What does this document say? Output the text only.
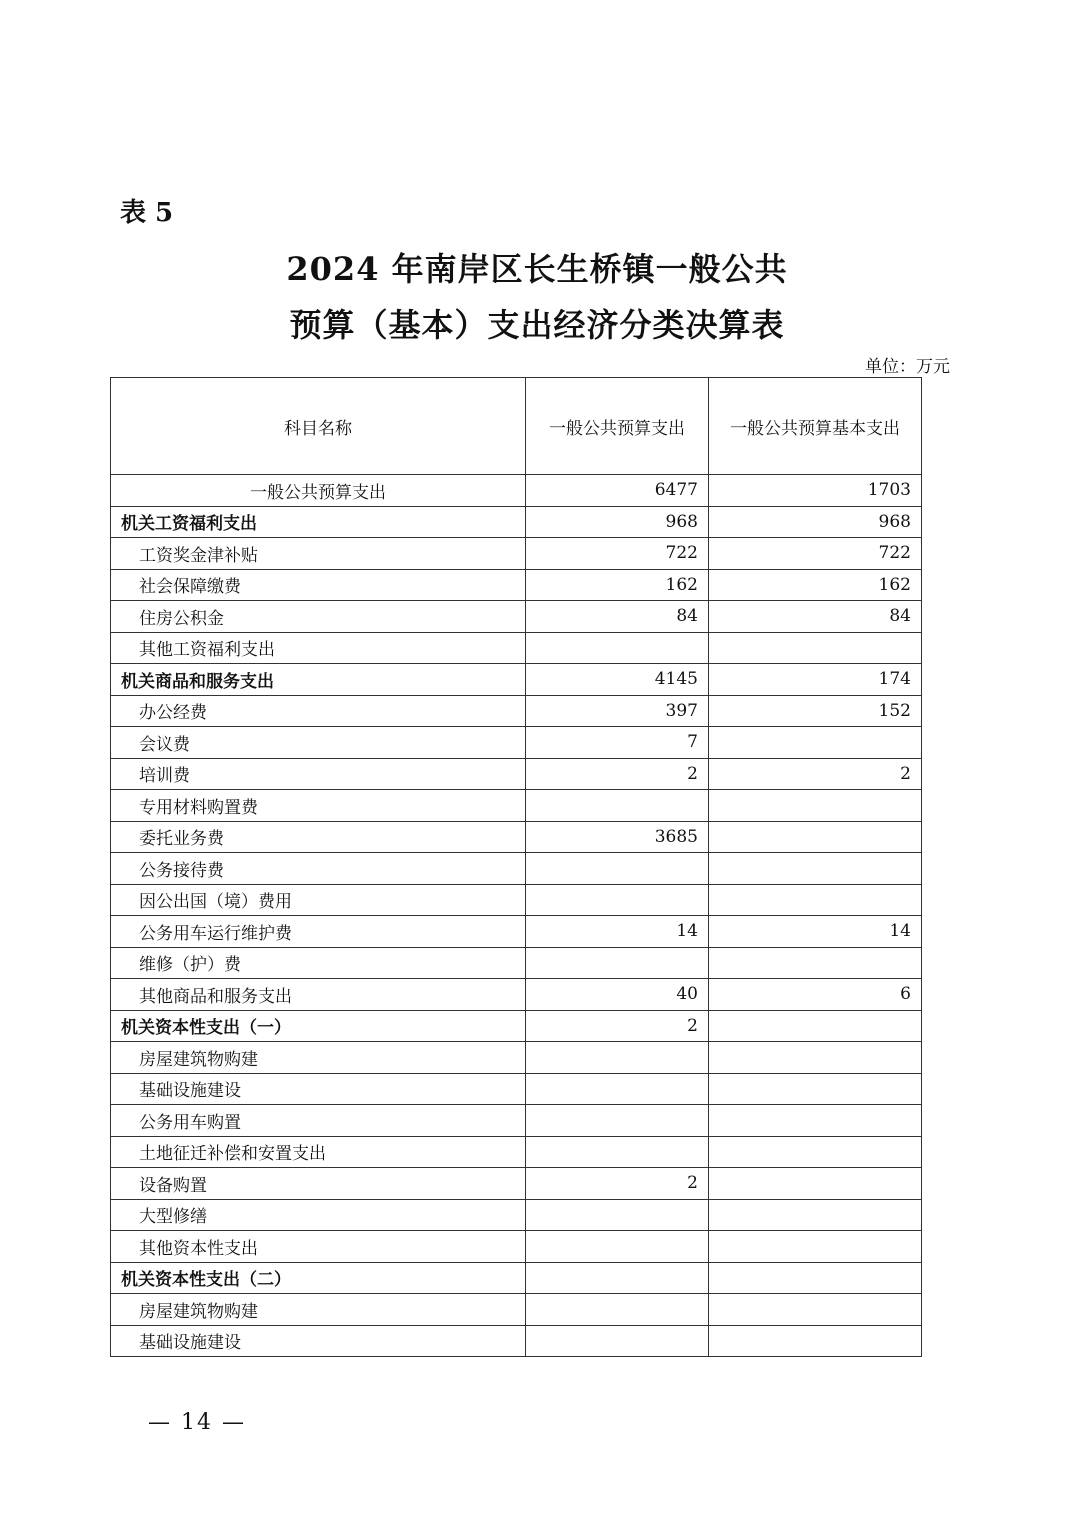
表 5
2024 年南岸区长生桥镇一般公共
预算（基本）支出经济分类决算表
单位：万元
科目名称	一般公共预算支出	一般公共预算基本支出
一般公共预算支出	6477	1703
机关工资福利支出	968	968
工资奖金津补贴	722	722
社会保障缴费	162	162
住房公积金	84	84
其他工资福利支出		
机关商品和服务支出	4145	174
办公经费	397	152
会议费	7	
培训费	2	2
专用材料购置费		
委托业务费	3685	
公务接待费		
因公出国（境）费用		
公务用车运行维护费	14	14
维修（护）费		
其他商品和服务支出	40	6
机关资本性支出（一）	2	
房屋建筑物购建		
基础设施建设		
公务用车购置		
土地征迁补偿和安置支出		
设备购置	2	
大型修缮		
其他资本性支出		
机关资本性支出（二）		
房屋建筑物购建		
基础设施建设		
— 14 —
